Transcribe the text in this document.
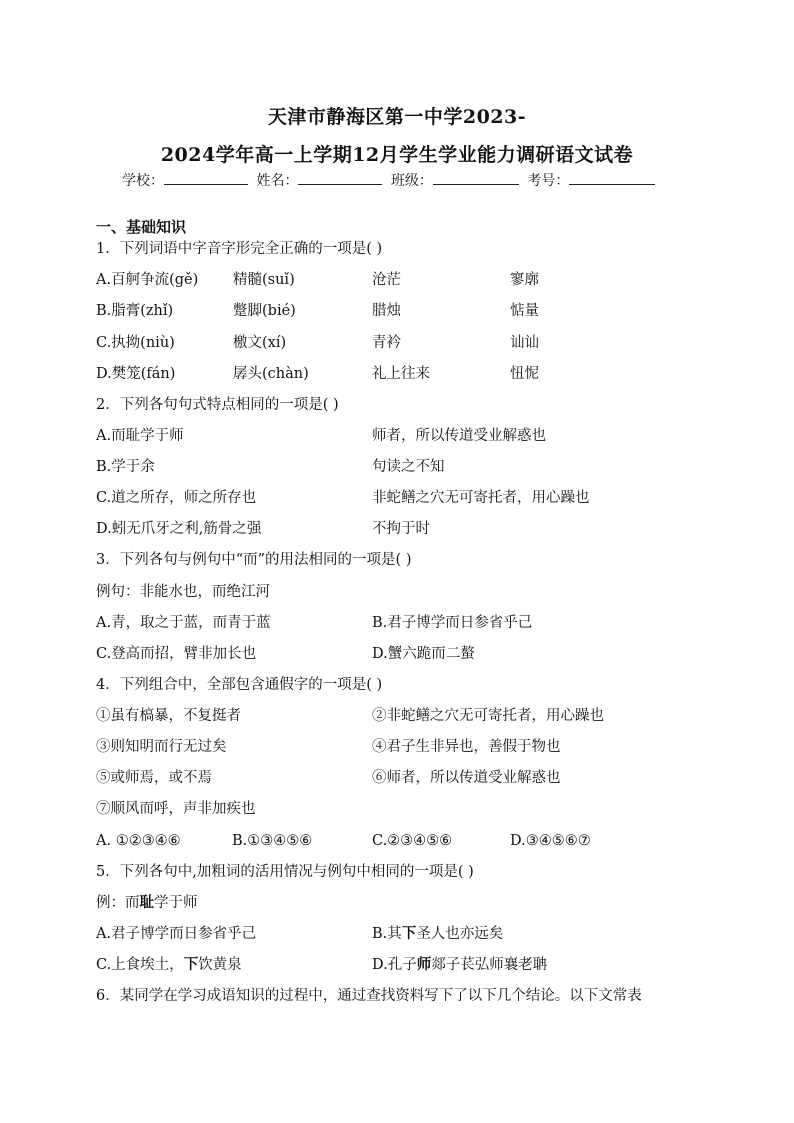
天津市静海区第一中学2023-
2024学年高一上学期12月学生学业能力调研语文试卷
学校：	姓名：	班级：	考号：
一、基础知识
1．下列词语中字音字形完全正确的一项是( )
A.百舸争流(gě) 精髓(suǐ)	沧茫	寥廓
B.脂膏(zhǐ)	蹩脚(bié)	腊烛	惦量
C.执拗(niù)	檄文(xí)	青衿	讪讪
D.樊笼(fán)	孱头(chàn)	礼上往来	忸怩
2．下列各句句式特点相同的一项是( )
A.而耻学于师	师者，所以传道受业解惑也
B.学于余	句读之不知
C.道之所存，师之所存也	非蛇鳝之穴无可寄托者，用心躁也
D.蚓无爪牙之利,筋骨之强	不拘于时
3．下列各句与例句中“而”的用法相同的一项是( )
例句：非能水也，而绝江河
A.青，取之于蓝，而青于蓝	B.君子博学而日参省乎己
C.登高而招，臂非加长也	D.蟹六跪而二螯
4．下列组合中，全部包含通假字的一项是( )
①虽有槁暴，不复挺者	②非蛇鳝之穴无可寄托者，用心躁也
③则知明而行无过矣	④君子生非异也，善假于物也
⑤或师焉，或不焉	⑥师者，所以传道受业解惑也
⑦顺风而呼，声非加疾也
A. ①②③④⑥	B.①③④⑤⑥	C.②③④⑤⑥	D.③④⑤⑥⑦
5．下列各句中,加粗词的活用情况与例句中相同的一项是( )
例：而耻学于师
A.君子博学而日参省乎己	B.其下圣人也亦远矣
C.上食埃土，下饮黄泉	D.孔子师郯子苌弘师襄老聃
6．某同学在学习成语知识的过程中，通过查找资料写下了以下几个结论。以下文常表
